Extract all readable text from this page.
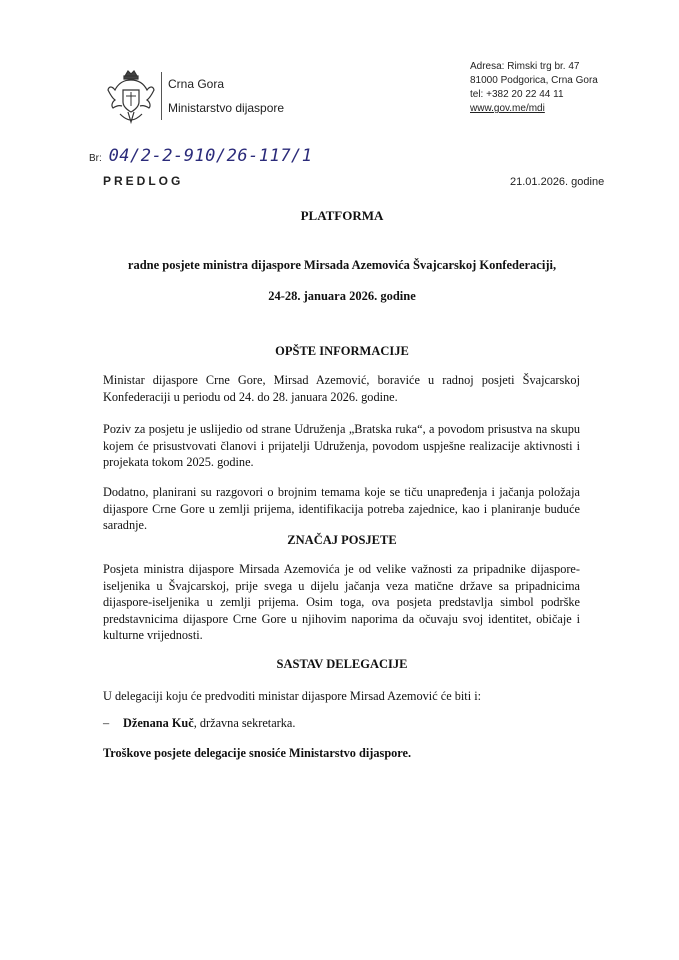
Crna Gora
Ministarstvo dijaspore
Adresa: Rimski trg br. 47
81000 Podgorica, Crna Gora
tel: +382 20 22 44 11
www.gov.me/mdi
Br: 04/2-2-910/26-117/1
PREDLOG	21.01.2026. godine
PLATFORMA
radne posjete ministra dijaspore Mirsada Azemovića Švajcarskoj Konfederaciji,
24-28. januara 2026. godine
OPŠTE INFORMACIJE
Ministar dijaspore Crne Gore, Mirsad Azemović, boraviće u radnoj posjeti Švajcarskoj Konfederaciji u periodu od 24. do 28. januara 2026. godine.
Poziv za posjetu je uslijedio od strane Udruženja „Bratska ruka“, a povodom prisustva na skupu kojem će prisustvovati članovi i prijatelji Udruženja, povodom uspješne realizacije aktivnosti i projekata tokom 2025. godine.
Dodatno, planirani su razgovori o brojnim temama koje se tiču unapređenja i jačanja položaja dijaspore Crne Gore u zemlji prijema, identifikacija potreba zajednice, kao i planiranje buduće saradnje.
ZNAČAJ POSJETE
Posjeta ministra dijaspore Mirsada Azemovića je od velike važnosti za pripadnike dijaspore-iseljenika u Švajcarskoj, prije svega u dijelu jačanja veza matične države sa pripadnicima dijaspore-iseljenika u zemlji prijema. Osim toga, ova posjeta predstavlja simbol podrške predstavnicima dijaspore Crne Gore u njihovim naporima da očuvaju svoj identitet, običaje i kulturne vrijednosti.
SASTAV DELEGACIJE
U delegaciji koju će predvoditi ministar dijaspore Mirsad Azemović će biti i:
– Dženana Kuč, državna sekretarka.
Troškove posjete delegacije snosiće Ministarstvo dijaspore.
